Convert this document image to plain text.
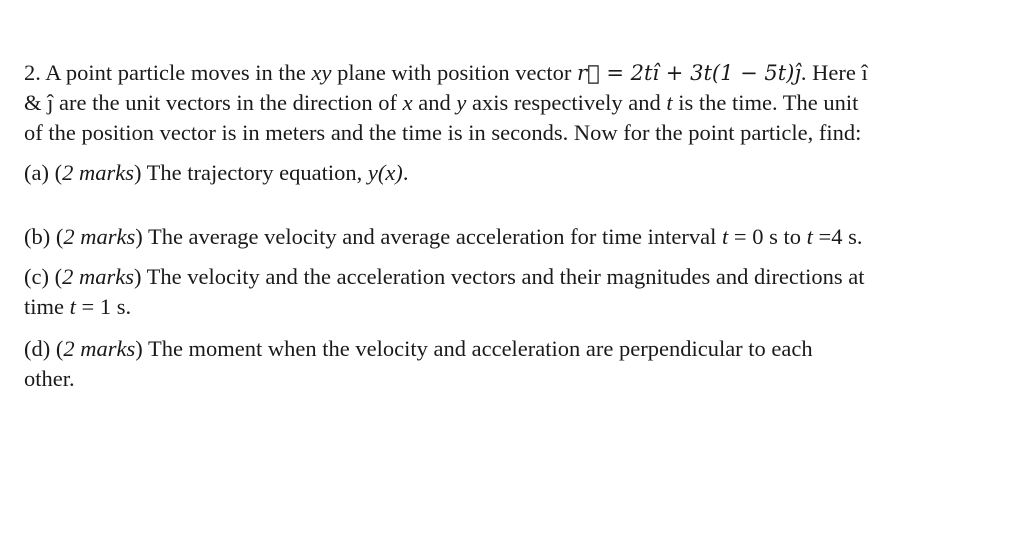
2. A point particle moves in the xy plane with position vector r⃗ = 2tî + 3t(1 − 5t)ĵ. Here î
& ĵ are the unit vectors in the direction of x and y axis respectively and t is the time. The unit
of the position vector is in meters and the time is in seconds. Now for the point particle, find:

(a) (2 marks) The trajectory equation, y(x).

(b) (2 marks) The average velocity and average acceleration for time interval t = 0 s to t =4 s.

(c) (2 marks) The velocity and the acceleration vectors and their magnitudes and directions at
time t = 1 s.

(d) (2 marks) The moment when the velocity and acceleration are perpendicular to each
other.
